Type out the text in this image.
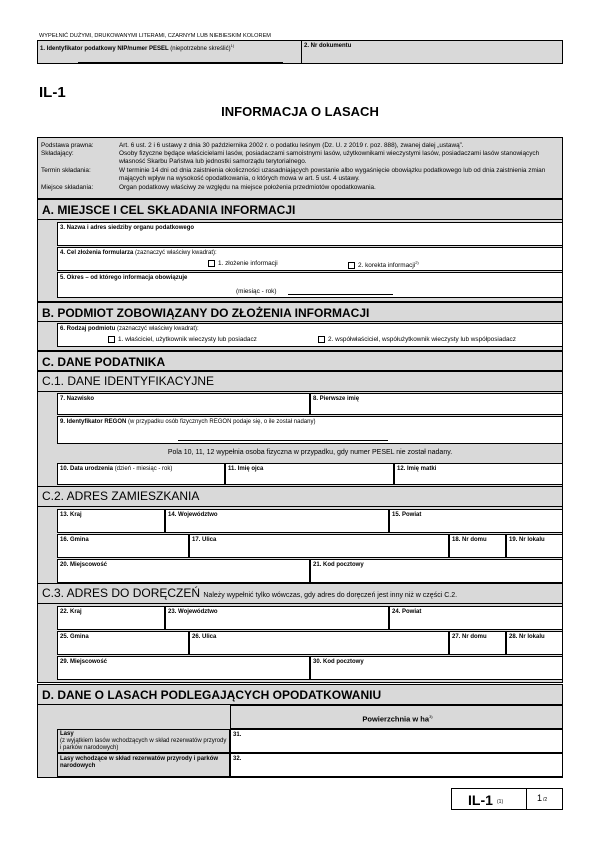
WYPEŁNIĆ DUŻYMI, DRUKOWANYMI LITERAMI, CZARNYM LUB NIEBIESKIM KOLOREM
1. Identyfikator podatkowy NIP/numer PESEL (niepotrzebne skreślić)$^{1)}$	2. Nr dokumentu
IL-1
INFORMACJA O LASACH
Podstawa prawna:	Art. 6 ust. 2 i 6 ustawy z dnia 30 października 2002 r. o podatku leśnym (Dz. U. z 2019 r. poz. 888), zwanej dalej „ustawą”.
Składający:	Osoby fizyczne będące właścicielami lasów, posiadaczami samoistnymi lasów, użytkownikami wieczystymi lasów, posiadaczami lasów stanowiących własność Skarbu Państwa lub jednostki samorządu terytorialnego.
Termin składania:	W terminie 14 dni od dnia zaistnienia okoliczności uzasadniających powstanie albo wygaśnięcie obowiązku podatkowego lub od dnia zaistnienia zmian mających wpływ na wysokość opodatkowania, o których mowa w art. 5 ust. 4 ustawy.
Miejsce składania:	Organ podatkowy właściwy ze względu na miejsce położenia przedmiotów opodatkowania.
A. MIEJSCE I CEL SKŁADANIA INFORMACJI
3. Nazwa i adres siedziby organu podatkowego
4. Cel złożenia formularza (zaznaczyć właściwy kwadrat):
1. złożenie informacji	2. korekta informacji$^{2)}$
5. Okres – od którego informacja obowiązuje
(miesiąc - rok)
B. PODMIOT ZOBOWIĄZANY DO ZŁOŻENIA INFORMACJI
6. Rodzaj podmiotu (zaznaczyć właściwy kwadrat):
1. właściciel, użytkownik wieczysty lub posiadacz	2. współwłaściciel, współużytkownik wieczysty lub współposiadacz
C. DANE PODATNIKA
C.1. DANE IDENTYFIKACYJNE
7. Nazwisko	8. Pierwsze imię
9. Identyfikator REGON (w przypadku osób fizycznych REGON podaje się, o ile został nadany)
Pola 10, 11, 12 wypełnia osoba fizyczna w przypadku, gdy numer PESEL nie został nadany.
10. Data urodzenia (dzień - miesiąc - rok)	11. Imię ojca	12. Imię matki
C.2. ADRES ZAMIESZKANIA
13. Kraj	14. Województwo	15. Powiat
16. Gmina	17. Ulica	18. Nr domu	19. Nr lokalu
20. Miejscowość	21. Kod pocztowy
C.3. ADRES DO DORĘCZEŃ Należy wypełnić tylko wówczas, gdy adres do doręczeń jest inny niż w części C.2.
22. Kraj	23. Województwo	24. Powiat
25. Gmina	26. Ulica	27. Nr domu	28. Nr lokalu
29. Miejscowość	30. Kod pocztowy
D. DANE O LASACH PODLEGAJĄCYCH OPODATKOWANIU
Powierzchnia w $ha^{3)}$
Lasy
(z wyjątkiem lasów wchodzących w skład rezerwatów przyrody i parków narodowych)
31.
Lasy wchodzące w skład rezerwatów przyrody i parków narodowych
32.
IL-1 (1)	1 /2
